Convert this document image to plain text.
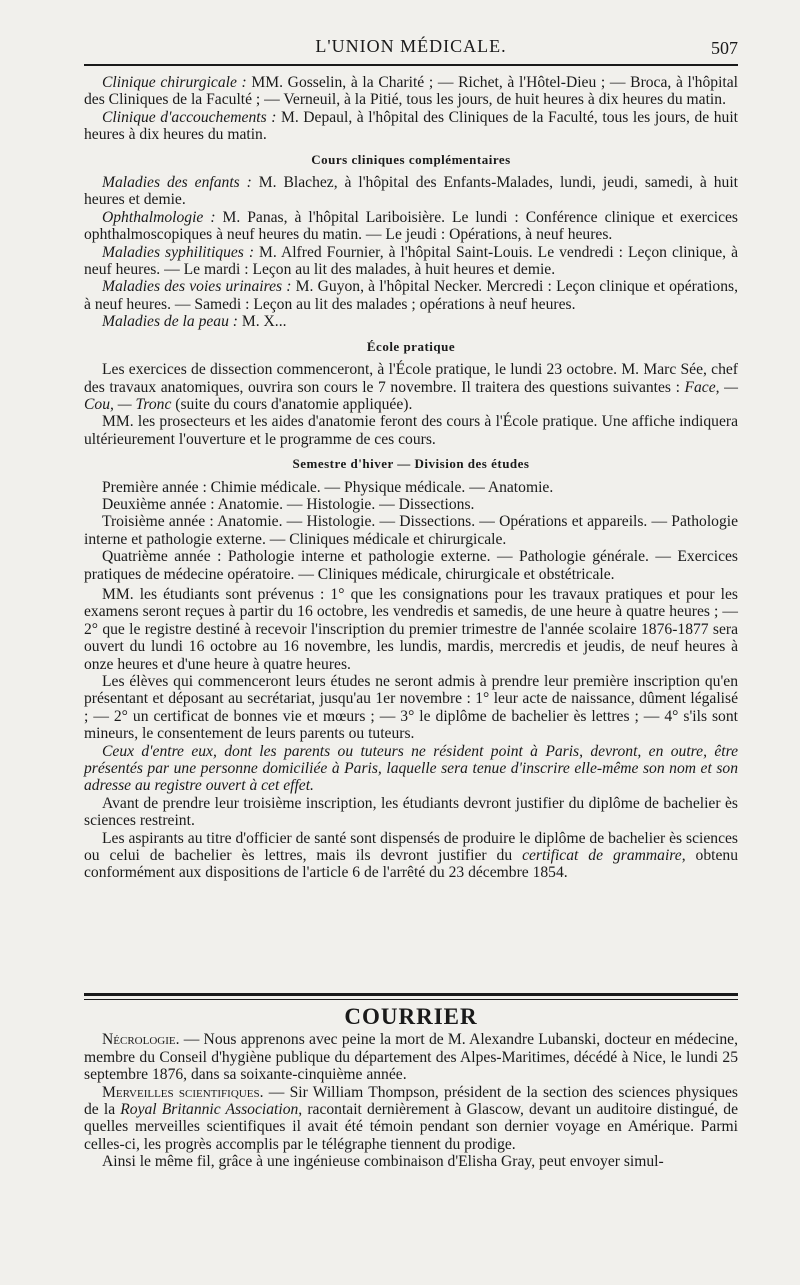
L'UNION MÉDICALE.	507

Clinique chirurgicale : MM. Gosselin, à la Charité ; — Richet, à l'Hôtel-Dieu ; — Broca, à l'hôpital des Cliniques de la Faculté ; — Verneuil, à la Pitié, tous les jours, de huit heures à dix heures du matin.

Clinique d'accouchements : M. Depaul, à l'hôpital des Cliniques de la Faculté, tous les jours, de huit heures à dix heures du matin.

Cours cliniques complémentaires

Maladies des enfants : M. Blachez, à l'hôpital des Enfants-Malades, lundi, jeudi, samedi, à huit heures et demie.

Ophthalmologie : M. Panas, à l'hôpital Lariboisière. Le lundi : Conférence clinique et exercices ophthalmoscopiques à neuf heures du matin. — Le jeudi : Opérations, à neuf heures.

Maladies syphilitiques : M. Alfred Fournier, à l'hôpital Saint-Louis. Le vendredi : Leçon clinique, à neuf heures. — Le mardi : Leçon au lit des malades, à huit heures et demie.

Maladies des voies urinaires : M. Guyon, à l'hôpital Necker. Mercredi : Leçon clinique et opérations, à neuf heures. — Samedi : Leçon au lit des malades ; opérations à neuf heures.

Maladies de la peau : M. X...

École pratique

Les exercices de dissection commenceront, à l'École pratique, le lundi 23 octobre. M. Marc Sée, chef des travaux anatomiques, ouvrira son cours le 7 novembre. Il traitera des questions suivantes : Face, — Cou, — Tronc (suite du cours d'anatomie appliquée).

MM. les prosecteurs et les aides d'anatomie feront des cours à l'École pratique. Une affiche indiquera ultérieurement l'ouverture et le programme de ces cours.

Semestre d'hiver — Division des études

Première année : Chimie médicale. — Physique médicale. — Anatomie.

Deuxième année : Anatomie. — Histologie. — Dissections.

Troisième année : Anatomie. — Histologie. — Dissections. — Opérations et appareils. — Pathologie interne et pathologie externe. — Cliniques médicale et chirurgicale.

Quatrième année : Pathologie interne et pathologie externe. — Pathologie générale. — Exercices pratiques de médecine opératoire. — Cliniques médicale, chirurgicale et obstétricale.

MM. les étudiants sont prévenus : 1° que les consignations pour les travaux pratiques et pour les examens seront reçues à partir du 16 octobre, les vendredis et samedis, de une heure à quatre heures ; — 2° que le registre destiné à recevoir l'inscription du premier trimestre de l'année scolaire 1876-1877 sera ouvert du lundi 16 octobre au 16 novembre, les lundis, mardis, mercredis et jeudis, de neuf heures à onze heures et d'une heure à quatre heures.

Les élèves qui commenceront leurs études ne seront admis à prendre leur première inscription qu'en présentant et déposant au secrétariat, jusqu'au 1er novembre : 1° leur acte de naissance, dûment légalisé ; — 2° un certificat de bonnes vie et mœurs ; — 3° le diplôme de bachelier ès lettres ; — 4° s'ils sont mineurs, le consentement de leurs parents ou tuteurs.

Ceux d'entre eux, dont les parents ou tuteurs ne résident point à Paris, devront, en outre, être présentés par une personne domiciliée à Paris, laquelle sera tenue d'inscrire elle-même son nom et son adresse au registre ouvert à cet effet.

Avant de prendre leur troisième inscription, les étudiants devront justifier du diplôme de bachelier ès sciences restreint.

Les aspirants au titre d'officier de santé sont dispensés de produire le diplôme de bachelier ès sciences ou celui de bachelier ès lettres, mais ils devront justifier du certificat de grammaire, obtenu conformément aux dispositions de l'article 6 de l'arrêté du 23 décembre 1854.

COURRIER

Nécrologie. — Nous apprenons avec peine la mort de M. Alexandre Lubanski, docteur en médecine, membre du Conseil d'hygiène publique du département des Alpes-Maritimes, décédé à Nice, le lundi 25 septembre 1876, dans sa soixante-cinquième année.

Merveilles scientifiques. — Sir William Thompson, président de la section des sciences physiques de la Royal Britannic Association, racontait dernièrement à Glascow, devant un auditoire distingué, de quelles merveilles scientifiques il avait été témoin pendant son dernier voyage en Amérique. Parmi celles-ci, les progrès accomplis par le télégraphe tiennent du prodige.

Ainsi le même fil, grâce à une ingénieuse combinaison d'Elisha Gray, peut envoyer simul-
